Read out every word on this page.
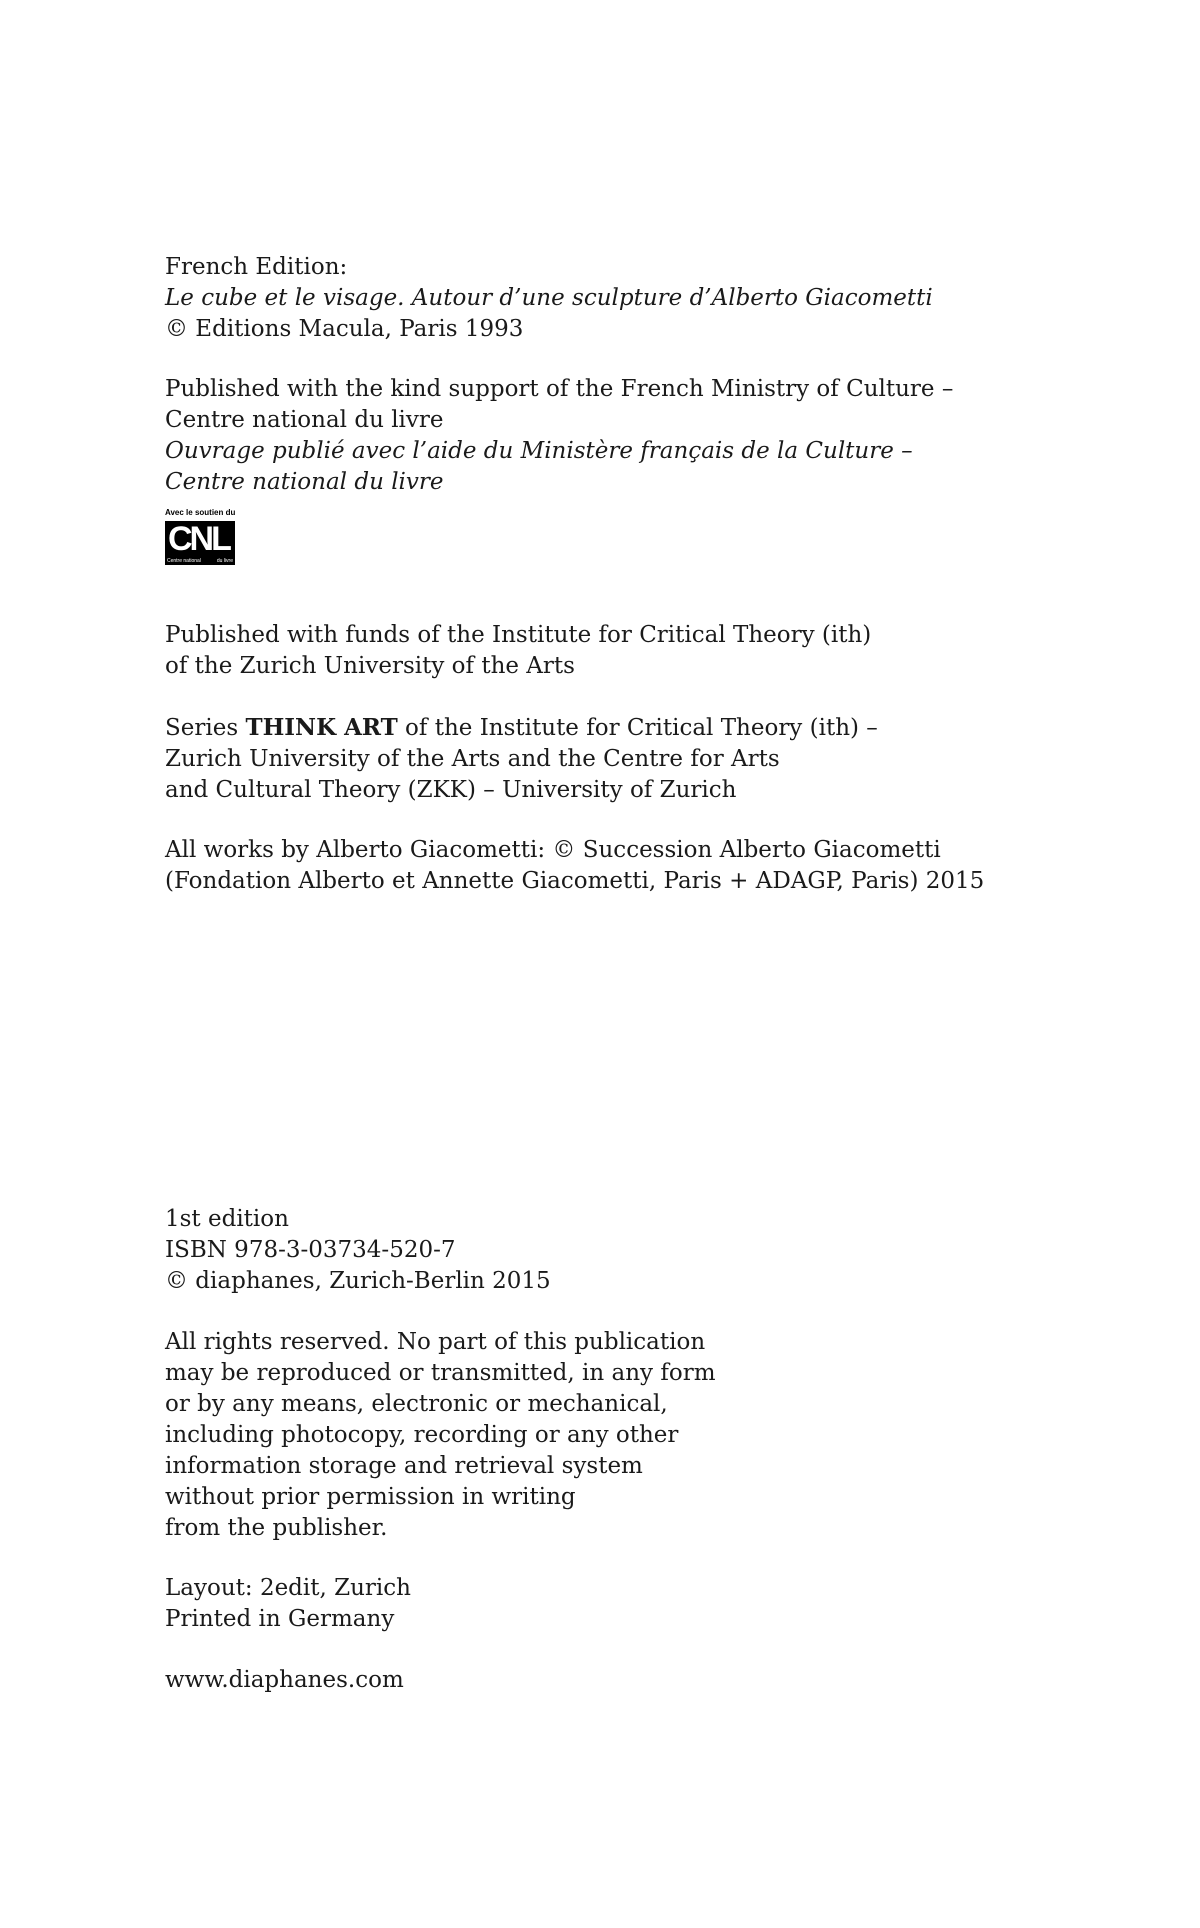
French Edition:
Le cube et le visage. Autour d’une sculpture d’Alberto Giacometti
© Editions Macula, Paris 1993
Published with the kind support of the French Ministry of Culture –
Centre national du livre
Ouvrage publié avec l’aide du Ministère français de la Culture –
Centre national du livre
Avec le soutien du
CNL
Centre national	du livre
Published with funds of the Institute for Critical Theory (ith)
of the Zurich University of the Arts
Series THINK ART of the Institute for Critical Theory (ith) –
Zurich University of the Arts and the Centre for Arts
and Cultural Theory (ZKK) – University of Zurich
All works by Alberto Giacometti: © Succession Alberto Giacometti
(Fondation Alberto et Annette Giacometti, Paris + ADAGP, Paris) 2015
1st edition
ISBN 978-3-03734-520-7
© diaphanes, Zurich-Berlin 2015
All rights reserved. No part of this publication
may be reproduced or transmitted, in any form
or by any means, electronic or mechanical,
including photocopy, recording or any other
information storage and retrieval system
without prior permission in writing
from the publisher.
Layout: 2edit, Zurich
Printed in Germany
www.diaphanes.com
